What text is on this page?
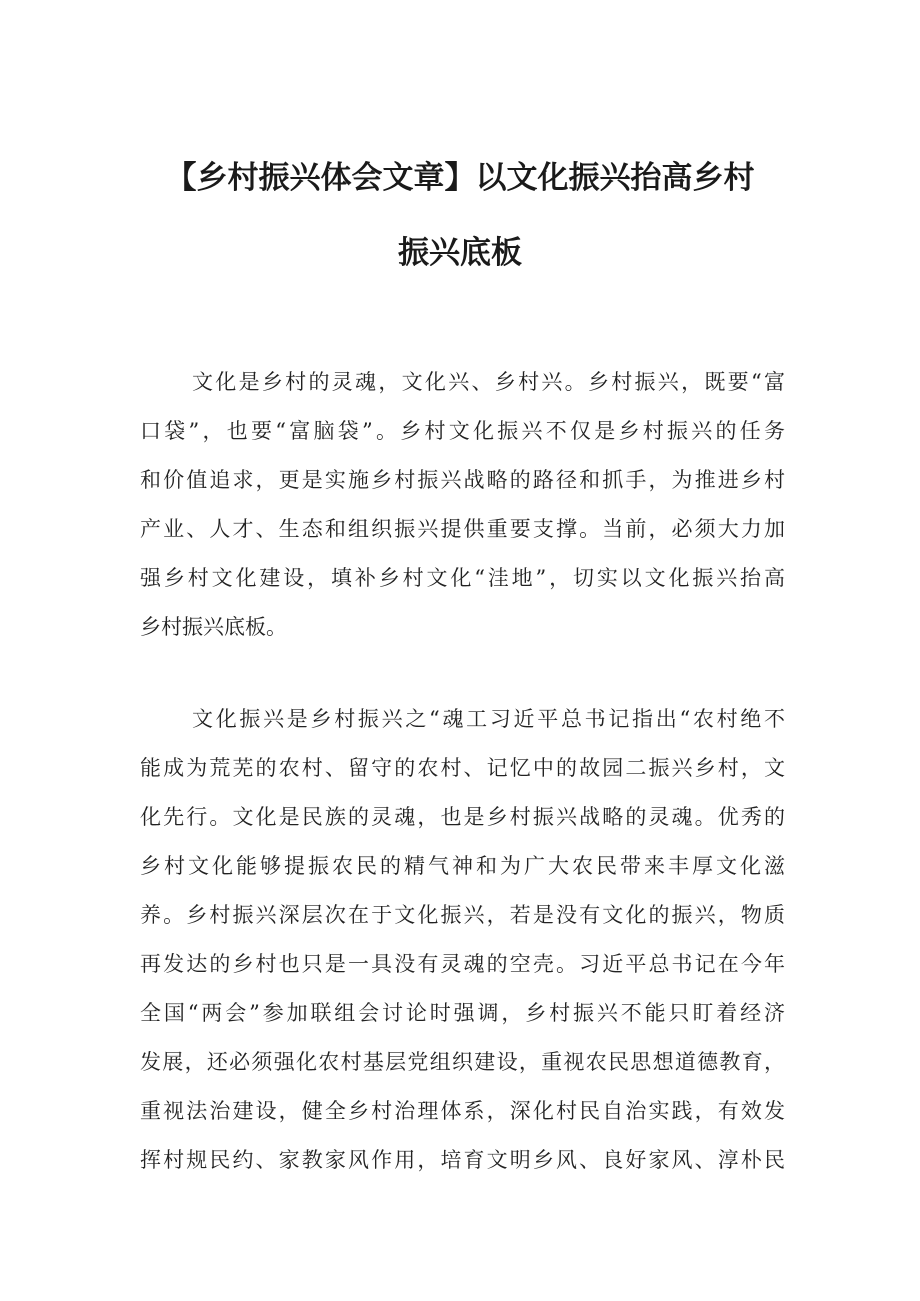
【乡村振兴体会文章】以文化振兴抬高乡村
振兴底板
文化是乡村的灵魂，文化兴、乡村兴。乡村振兴，既要“富
口袋”，也要“富脑袋”。乡村文化振兴不仅是乡村振兴的任务
和价值追求，更是实施乡村振兴战略的路径和抓手，为推进乡村
产业、人才、生态和组织振兴提供重要支撑。当前，必须大力加
强乡村文化建设，填补乡村文化“洼地”，切实以文化振兴抬高
乡村振兴底板。
文化振兴是乡村振兴之“魂工习近平总书记指出“农村绝不
能成为荒芜的农村、留守的农村、记忆中的故园二振兴乡村，文
化先行。文化是民族的灵魂，也是乡村振兴战略的灵魂。优秀的
乡村文化能够提振农民的精气神和为广大农民带来丰厚文化滋
养。乡村振兴深层次在于文化振兴，若是没有文化的振兴，物质
再发达的乡村也只是一具没有灵魂的空壳。习近平总书记在今年
全国“两会”参加联组会讨论时强调，乡村振兴不能只盯着经济
发展，还必须强化农村基层党组织建设，重视农民思想道德教育，
重视法治建设，健全乡村治理体系，深化村民自治实践，有效发
挥村规民约、家教家风作用，培育文明乡风、良好家风、淳朴民
